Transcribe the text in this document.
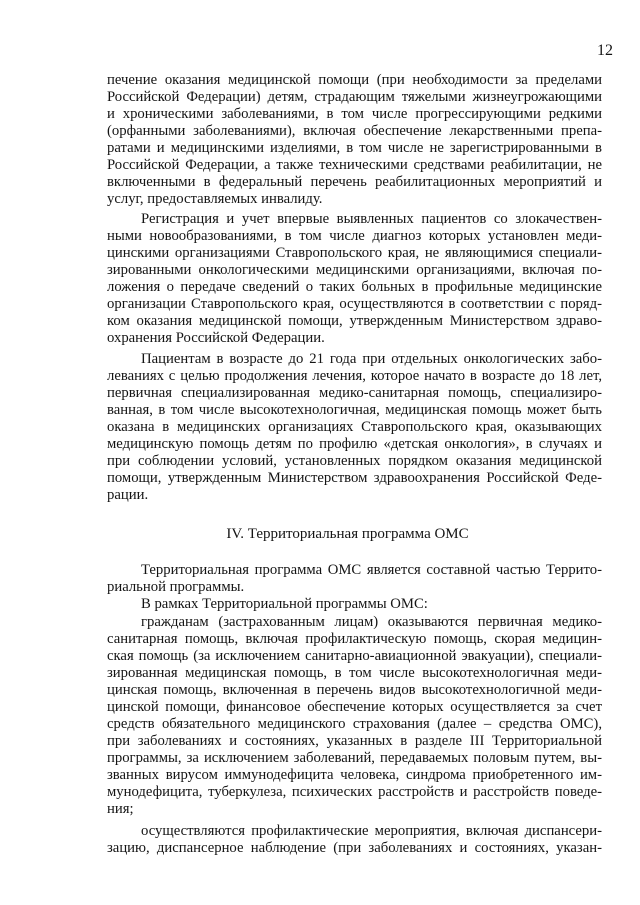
12
печение оказания медицинской помощи (при необходимости за пределами
Российской Федерации) детям, страдающим тяжелыми жизнеугрожающими
и хроническими заболеваниями, в том числе прогрессирующими редкими
(орфанными заболеваниями), включая обеспечение лекарственными препа-
ратами и медицинскими изделиями, в том числе не зарегистрированными в
Российской Федерации, а также техническими средствами реабилитации, не
включенными в федеральный перечень реабилитационных мероприятий и
услуг, предоставляемых инвалиду.
Регистрация и учет впервые выявленных пациентов со злокачествен-
ными новообразованиями, в том числе диагноз которых установлен меди-
цинскими организациями Ставропольского края, не являющимися специали-
зированными онкологическими медицинскими организациями, включая по-
ложения о передаче сведений о таких больных в профильные медицинские
организации Ставропольского края, осуществляются в соответствии с поряд-
ком оказания медицинской помощи, утвержденным Министерством здраво-
охранения Российской Федерации.
Пациентам в возрасте до 21 года при отдельных онкологических забо-
леваниях с целью продолжения лечения, которое начато в возрасте до 18 лет,
первичная специализированная медико-санитарная помощь, специализиро-
ванная, в том числе высокотехнологичная, медицинская помощь может быть
оказана в медицинских организациях Ставропольского края, оказывающих
медицинскую помощь детям по профилю «детская онкология», в случаях и
при соблюдении условий, установленных порядком оказания медицинской
помощи, утвержденным Министерством здравоохранения Российской Феде-
рации.
IV. Территориальная программа ОМС
Территориальная программа ОМС является составной частью Террито-
риальной программы.
В рамках Территориальной программы ОМС:
гражданам (застрахованным лицам) оказываются первичная медико-
санитарная помощь, включая профилактическую помощь, скорая медицин-
ская помощь (за исключением санитарно-авиационной эвакуации), специали-
зированная медицинская помощь, в том числе высокотехнологичная меди-
цинская помощь, включенная в перечень видов высокотехнологичной меди-
цинской помощи, финансовое обеспечение которых осуществляется за счет
средств обязательного медицинского страхования (далее – средства ОМС),
при заболеваниях и состояниях, указанных в разделе III Территориальной
программы, за исключением заболеваний, передаваемых половым путем, вы-
званных вирусом иммунодефицита человека, синдрома приобретенного им-
мунодефицита, туберкулеза, психических расстройств и расстройств поведе-
ния;
осуществляются профилактические мероприятия, включая диспансери-
зацию, диспансерное наблюдение (при заболеваниях и состояниях, указан-
